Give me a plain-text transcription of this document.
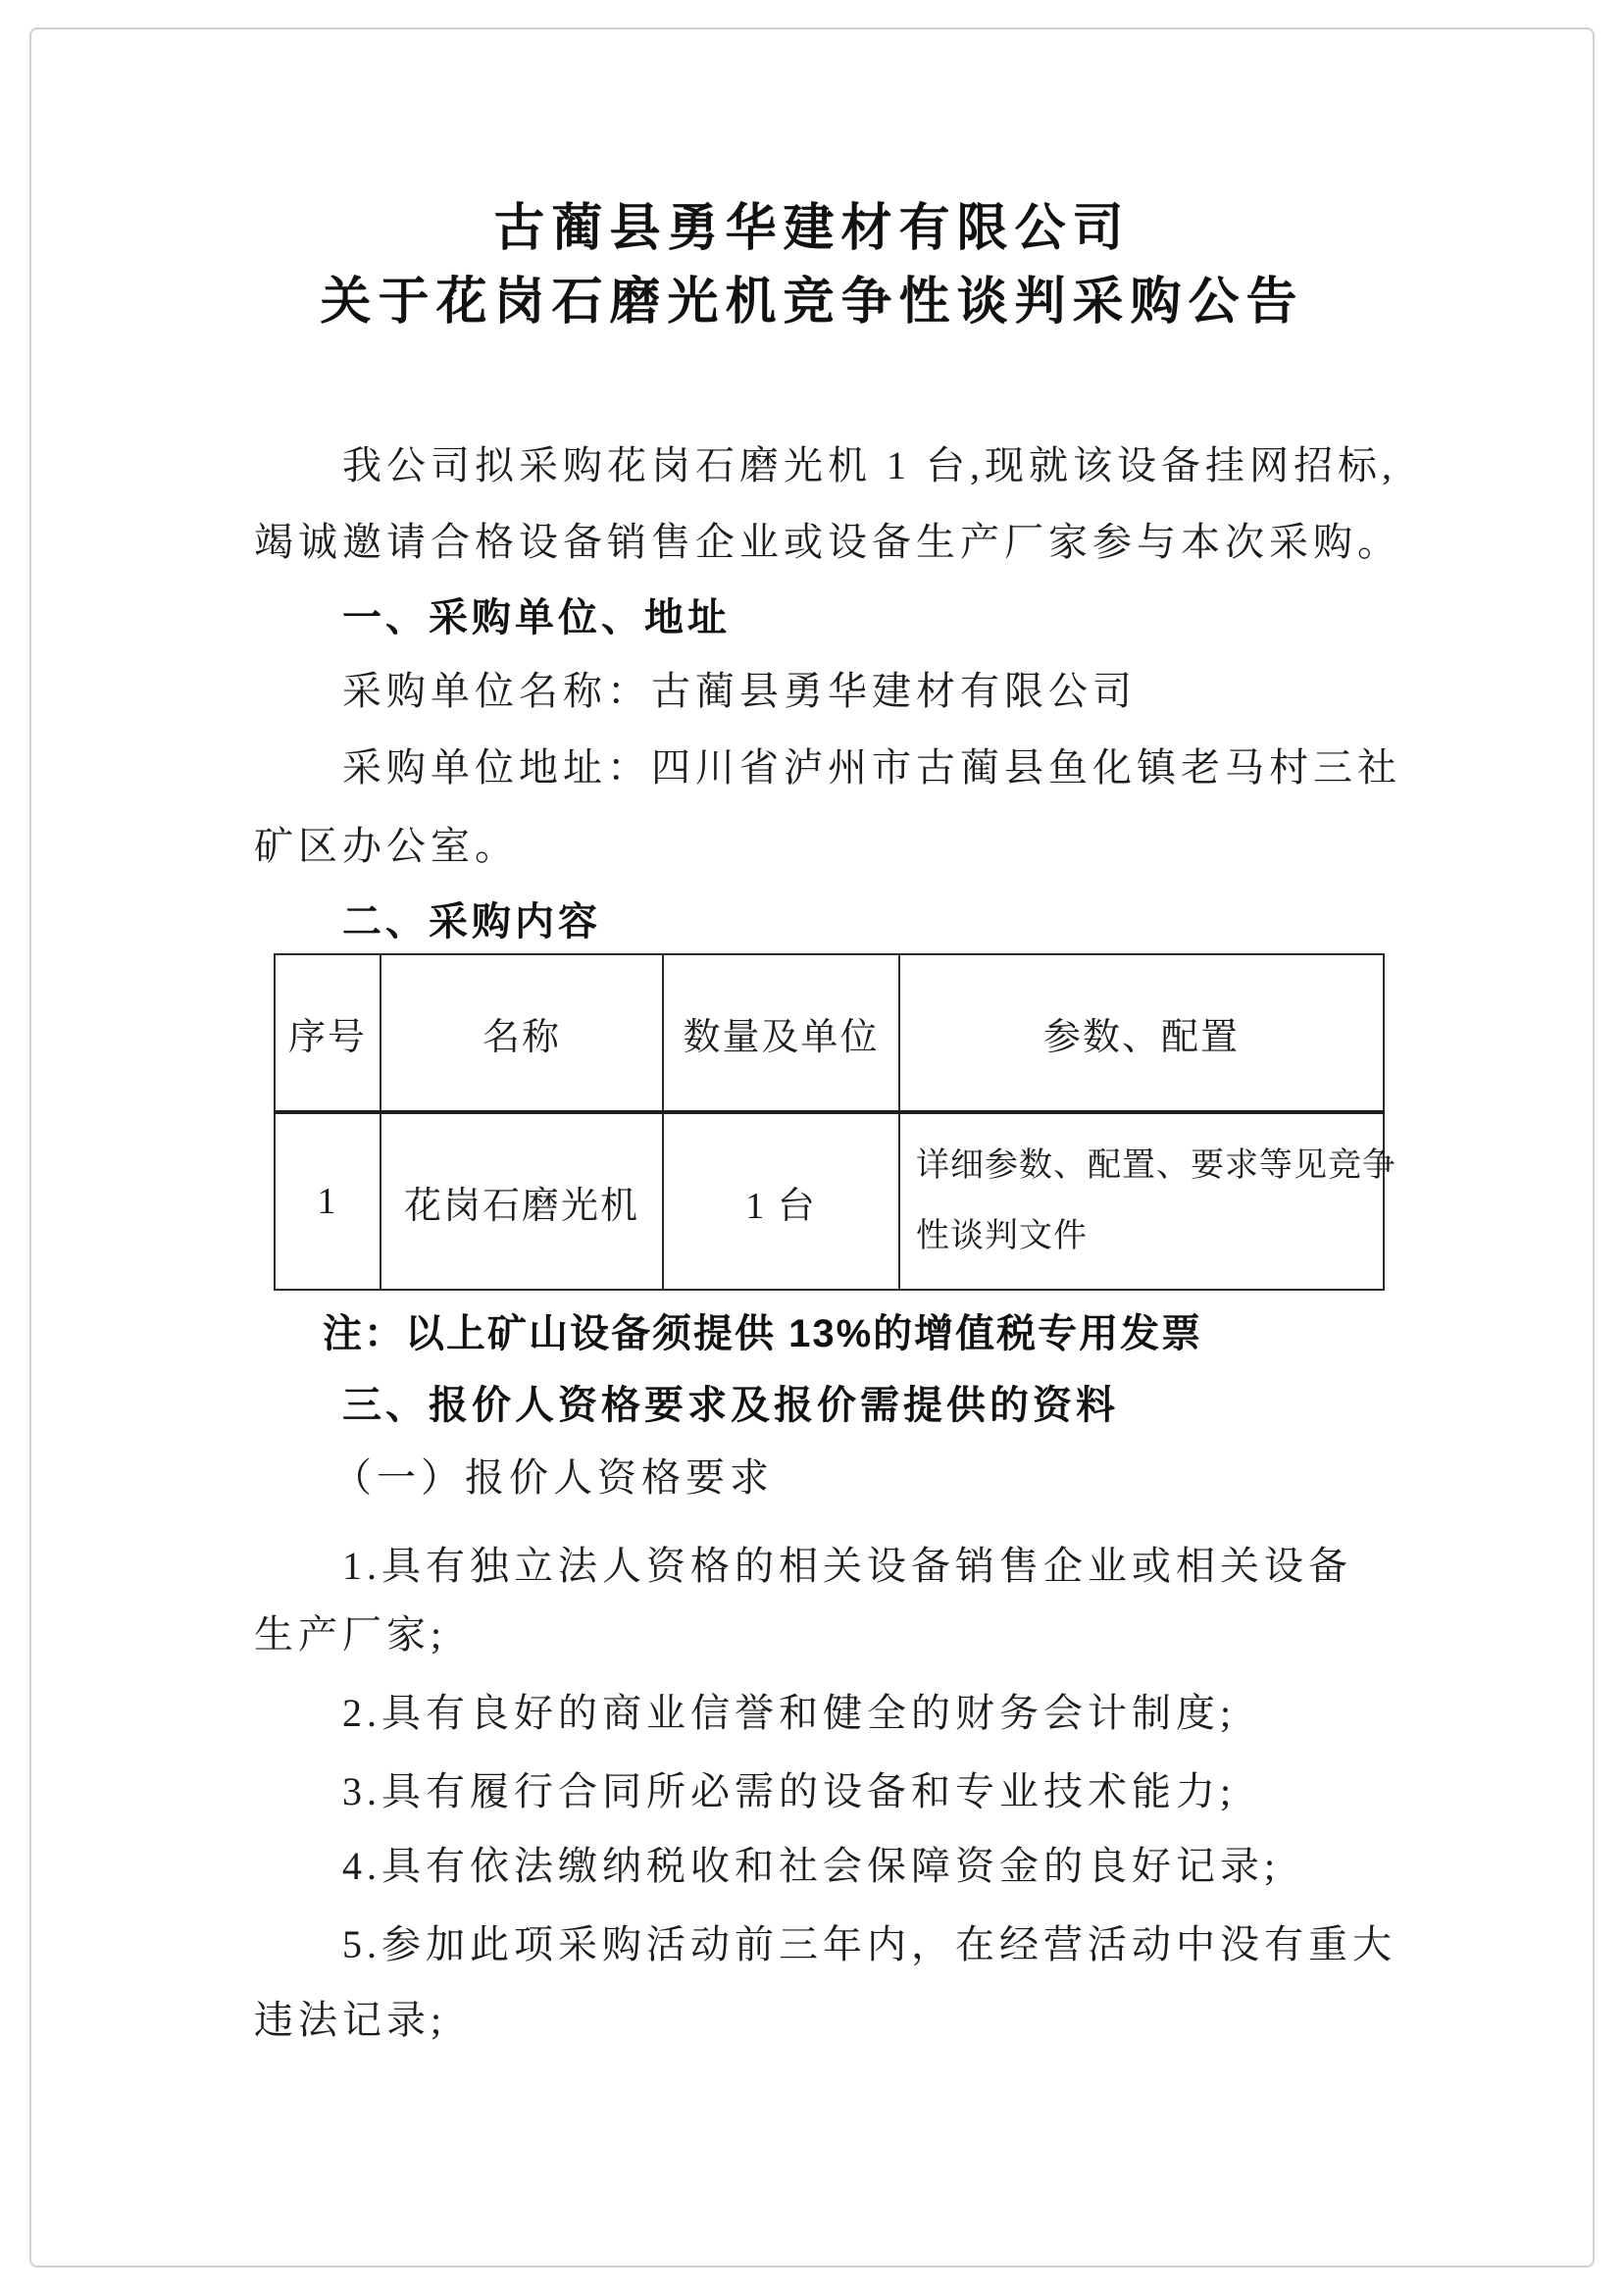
古蔺县勇华建材有限公司
关于花岗石磨光机竞争性谈判采购公告
我公司拟采购花岗石磨光机 1 台,现就该设备挂网招标,
竭诚邀请合格设备销售企业或设备生产厂家参与本次采购。
一、采购单位、地址
采购单位名称：古蔺县勇华建材有限公司
采购单位地址：四川省泸州市古蔺县鱼化镇老马村三社
矿区办公室。
二、采购内容
序号	名称	数量及单位	参数、配置
1	花岗石磨光机	1 台	详细参数、配置、要求等见竞争
性谈判文件
注：以上矿山设备须提供 13%的增值税专用发票
三、报价人资格要求及报价需提供的资料
（一）报价人资格要求
1.具有独立法人资格的相关设备销售企业或相关设备
生产厂家;
2.具有良好的商业信誉和健全的财务会计制度;
3.具有履行合同所必需的设备和专业技术能力;
4.具有依法缴纳税收和社会保障资金的良好记录;
5.参加此项采购活动前三年内，在经营活动中没有重大
违法记录;
